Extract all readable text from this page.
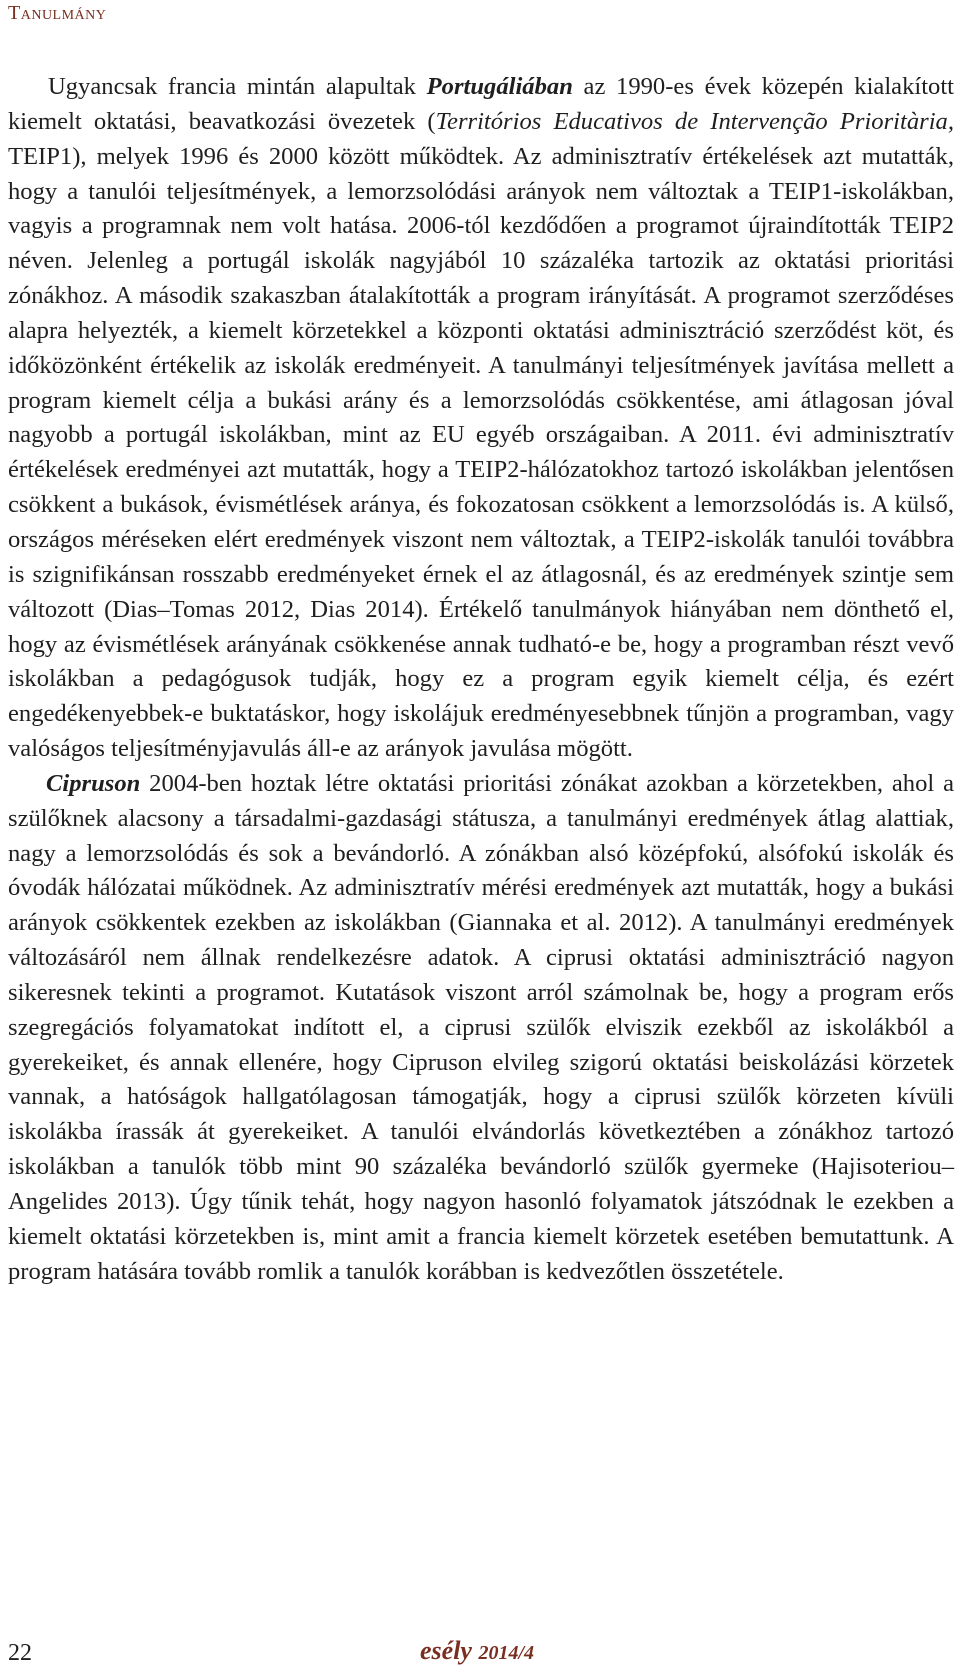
Tanulmány

Ugyancsak francia mintán alapultak Portugáliában az 1990-es évek közepén kialakított kiemelt oktatási, beavatkozási övezetek (Territórios Educativos de Intervenção Prioritària, TEIP1), melyek 1996 és 2000 között működtek. Az adminisztratív értékelések azt mutatták, hogy a tanulói teljesítmények, a lemorzsolódási arányok nem változtak a TEIP1-iskolákban, vagyis a programnak nem volt hatása. 2006-tól kezdődően a programot újraindították TEIP2 néven. Jelenleg a portugál iskolák nagyjából 10 százaléka tartozik az oktatási prioritási zónákhoz. A második szakaszban átalakították a program irányítását. A programot szerződéses alapra helyezték, a kiemelt körzetekkel a központi oktatási adminisztráció szerződést köt, és időközönként értékelik az iskolák eredményeit. A tanulmányi teljesítmények javítása mellett a program kiemelt célja a bukási arány és a lemorzsolódás csökkentése, ami átlagosan jóval nagyobb a portugál iskolákban, mint az EU egyéb országaiban. A 2011. évi adminisztratív értékelések eredményei azt mutatták, hogy a TEIP2-hálózatokhoz tartozó iskolákban jelentősen csökkent a bukások, évismétlések aránya, és fokozatosan csökkent a lemorzsolódás is. A külső, országos méréseken elért eredmények viszont nem változtak, a TEIP2-iskolák tanulói továbbra is szignifikánsan rosszabb eredményeket érnek el az átlagosnál, és az eredmények szintje sem változott (Dias–Tomas 2012, Dias 2014). Értékelő tanulmányok hiányában nem dönthető el, hogy az évismétlések arányának csökkenése annak tudható-e be, hogy a programban részt vevő iskolákban a pedagógusok tudják, hogy ez a program egyik kiemelt célja, és ezért engedékenyebbek-e buktatáskor, hogy iskolájuk eredményesebbnek tűnjön a programban, vagy valóságos teljesítményjavulás áll-e az arányok javulása mögött.

Cipruson 2004-ben hoztak létre oktatási prioritási zónákat azokban a körzetekben, ahol a szülőknek alacsony a társadalmi-gazdasági státusza, a tanulmányi eredmények átlag alattiak, nagy a lemorzsolódás és sok a bevándorló. A zónákban alsó középfokú, alsófokú iskolák és óvodák hálózatai működnek. Az adminisztratív mérési eredmények azt mutatták, hogy a bukási arányok csökkentek ezekben az iskolákban (Giannaka et al. 2012). A tanulmányi eredmények változásáról nem állnak rendelkezésre adatok. A ciprusi oktatási adminisztráció nagyon sikeresnek tekinti a programot. Kutatások viszont arról számolnak be, hogy a program erős szegregációs folyamatokat indított el, a ciprusi szülők elviszik ezekből az iskolákból a gyerekeiket, és annak ellenére, hogy Cipruson elvileg szigorú oktatási beiskolázási körzetek vannak, a hatóságok hallgatólagosan támogatják, hogy a ciprusi szülők körzeten kívüli iskolákba írassák át gyerekeiket. A tanulói elvándorlás következtében a zónákhoz tartozó iskolákban a tanulók több mint 90 százaléka bevándorló szülők gyermeke (Hajisoteriou–Angelides 2013). Úgy tűnik tehát, hogy nagyon hasonló folyamatok játszódnak le ezekben a kiemelt oktatási körzetekben is, mint amit a francia kiemelt körzetek esetében bemutattunk. A program hatására tovább romlik a tanulók korábban is kedvezőtlen összetétele.

22	esély 2014/4
